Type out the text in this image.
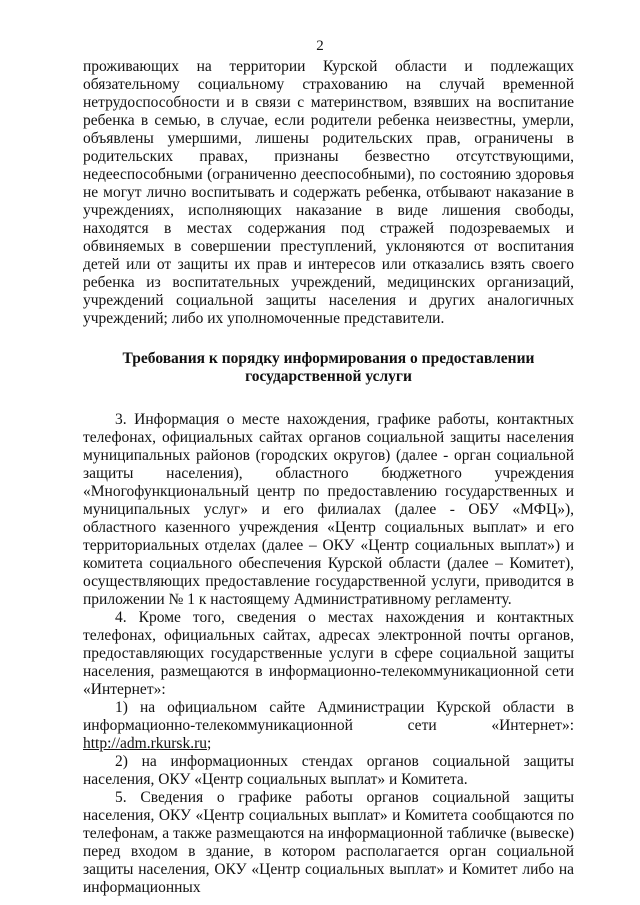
2

проживающих на территории Курской области и подлежащих обязательному социальному страхованию на случай временной нетрудоспособности и в связи с материнством, взявших на воспитание ребенка в семью, в случае, если родители ребенка неизвестны, умерли, объявлены умершими, лишены родительских прав, ограничены в родительских правах, признаны безвестно отсутствующими, недееспособными (ограниченно дееспособными), по состоянию здоровья не могут лично воспитывать и содержать ребенка, отбывают наказание в учреждениях, исполняющих наказание в виде лишения свободы, находятся в местах содержания под стражей подозреваемых и обвиняемых в совершении преступлений, уклоняются от воспитания детей или от защиты их прав и интересов или отказались взять своего ребенка из воспитательных учреждений, медицинских организаций, учреждений социальной защиты населения и других аналогичных учреждений; либо их уполномоченные представители.

Требования к порядку информирования о предоставлении государственной услуги

3. Информация о месте нахождения, графике работы, контактных телефонах, официальных сайтах органов социальной защиты населения муниципальных районов (городских округов) (далее - орган социальной защиты населения), областного бюджетного учреждения «Многофункциональный центр по предоставлению государственных и муниципальных услуг» и его филиалах (далее - ОБУ «МФЦ»), областного казенного учреждения «Центр социальных выплат» и его территориальных отделах (далее – ОКУ «Центр социальных выплат») и комитета социального обеспечения Курской области (далее – Комитет), осуществляющих предоставление государственной услуги, приводится в приложении № 1 к настоящему Административному регламенту.

4. Кроме того, сведения о местах нахождения и контактных телефонах, официальных сайтах, адресах электронной почты органов, предоставляющих государственные услуги в сфере социальной защиты населения, размещаются в информационно-телекоммуникационной сети «Интернет»:

1) на официальном сайте Администрации Курской области в информационно-телекоммуникационной сети «Интернет»: http://adm.rkursk.ru;

2) на информационных стендах органов социальной защиты населения, ОКУ «Центр социальных выплат» и Комитета.

5. Сведения о графике работы органов социальной защиты населения, ОКУ «Центр социальных выплат» и Комитета сообщаются по телефонам, а также размещаются на информационной табличке (вывеске) перед входом в здание, в котором располагается орган социальной защиты населения, ОКУ «Центр социальных выплат» и Комитет либо на информационных
